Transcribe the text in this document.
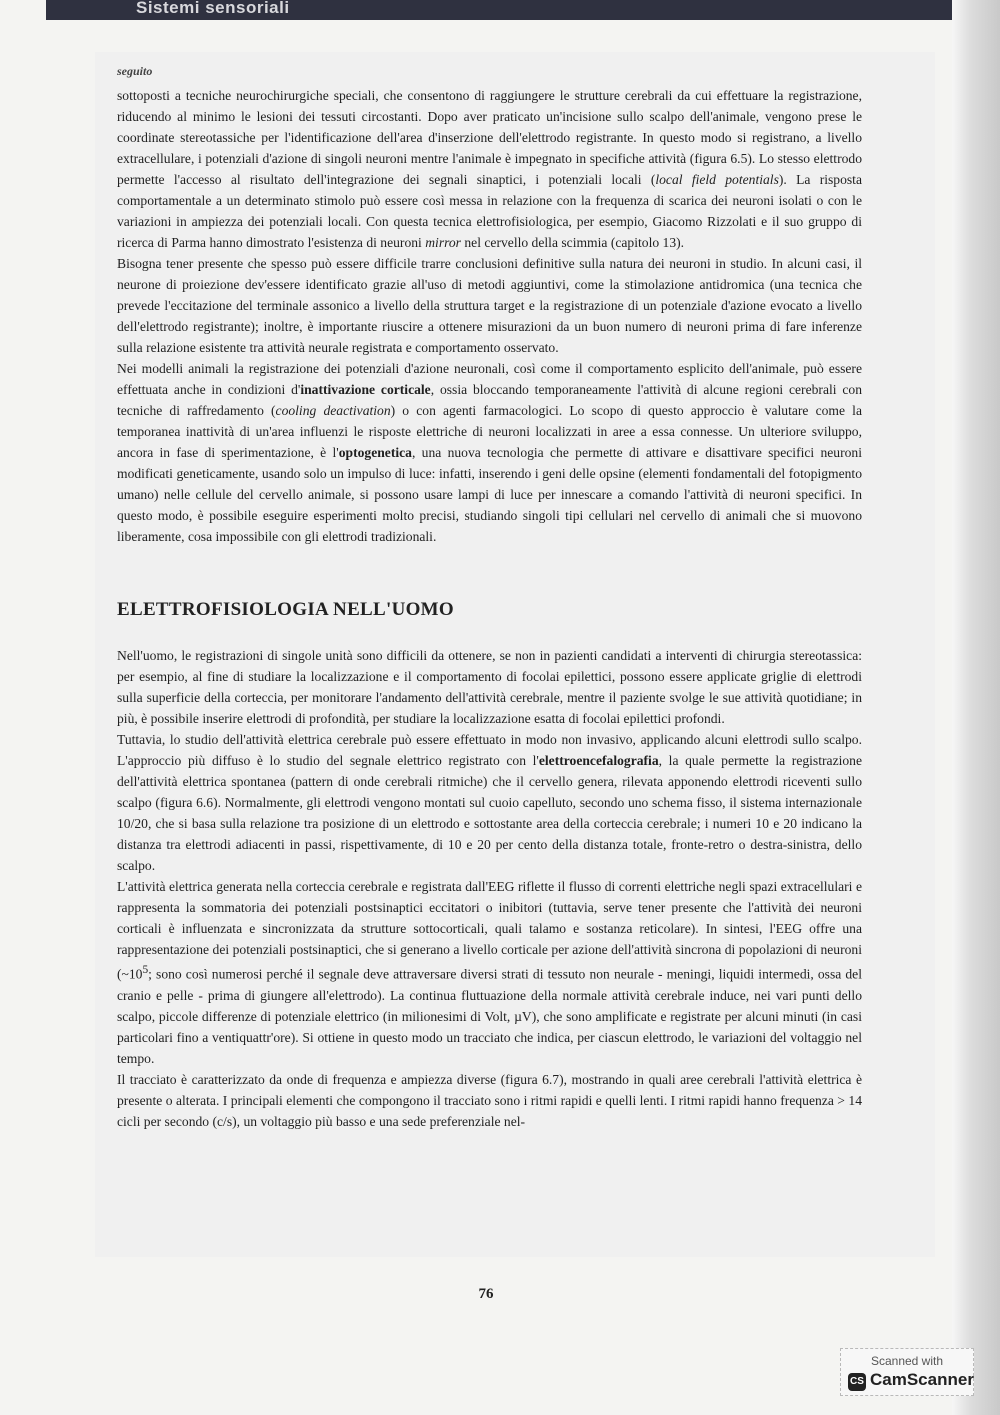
Sistemi sensoriali
seguito

sottoposti a tecniche neurochirurgiche speciali, che consentono di raggiungere le strutture cerebrali da cui effettuare la registrazione, riducendo al minimo le lesioni dei tessuti circostanti. Dopo aver praticato un'incisione sullo scalpo dell'animale, vengono prese le coordinate stereotassiche per l'identificazione dell'area d'inserzione dell'elettrodo registrante. In questo modo si registrano, a livello extracellulare, i potenziali d'azione di singoli neuroni mentre l'animale è impegnato in specifiche attività (figura 6.5). Lo stesso elettrodo permette l'accesso al risultato dell'integrazione dei segnali sinaptici, i potenziali locali (local field potentials). La risposta comportamentale a un determinato stimolo può essere così messa in relazione con la frequenza di scarica dei neuroni isolati o con le variazioni in ampiezza dei potenziali locali. Con questa tecnica elettrofisiologica, per esempio, Giacomo Rizzolati e il suo gruppo di ricerca di Parma hanno dimostrato l'esistenza di neuroni mirror nel cervello della scimmia (capitolo 13).

Bisogna tener presente che spesso può essere difficile trarre conclusioni definitive sulla natura dei neuroni in studio. In alcuni casi, il neurone di proiezione dev'essere identificato grazie all'uso di metodi aggiuntivi, come la stimolazione antidromica (una tecnica che prevede l'eccitazione del terminale assonico a livello della struttura target e la registrazione di un potenziale d'azione evocato a livello dell'elettrodo registrante); inoltre, è importante riuscire a ottenere misurazioni da un buon numero di neuroni prima di fare inferenze sulla relazione esistente tra attività neurale registrata e comportamento osservato.

Nei modelli animali la registrazione dei potenziali d'azione neuronali, così come il comportamento esplicito dell'animale, può essere effettuata anche in condizioni d'inattivazione corticale, ossia bloccando temporaneamente l'attività di alcune regioni cerebrali con tecniche di raffredamento (cooling deactivation) o con agenti farmacologici. Lo scopo di questo approccio è valutare come la temporanea inattività di un'area influenzi le risposte elettriche di neuroni localizzati in aree a essa connesse. Un ulteriore sviluppo, ancora in fase di sperimentazione, è l'optogenetica, una nuova tecnologia che permette di attivare e disattivare specifici neuroni modificati geneticamente, usando solo un impulso di luce: infatti, inserendo i geni delle opsine (elementi fondamentali del fotopigmento umano) nelle cellule del cervello animale, si possono usare lampi di luce per innescare a comando l'attività di neuroni specifici. In questo modo, è possibile eseguire esperimenti molto precisi, studiando singoli tipi cellulari nel cervello di animali che si muovono liberamente, cosa impossibile con gli elettrodi tradizionali.

ELETTROFISIOLOGIA NELL'UOMO

Nell'uomo, le registrazioni di singole unità sono difficili da ottenere, se non in pazienti candidati a interventi di chirurgia stereotassica: per esempio, al fine di studiare la localizzazione e il comportamento di focolai epilettici, possono essere applicate griglie di elettrodi sulla superficie della corteccia, per monitorare l'andamento dell'attività cerebrale, mentre il paziente svolge le sue attività quotidiane; in più, è possibile inserire elettrodi di profondità, per studiare la localizzazione esatta di focolai epilettici profondi.

Tuttavia, lo studio dell'attività elettrica cerebrale può essere effettuato in modo non invasivo, applicando alcuni elettrodi sullo scalpo. L'approccio più diffuso è lo studio del segnale elettrico registrato con l'elettroencefalografia, la quale permette la registrazione dell'attività elettrica spontanea (pattern di onde cerebrali ritmiche) che il cervello genera, rilevata apponendo elettrodi riceventi sullo scalpo (figura 6.6). Normalmente, gli elettrodi vengono montati sul cuoio capelluto, secondo uno schema fisso, il sistema internazionale 10/20, che si basa sulla relazione tra posizione di un elettrodo e sottostante area della corteccia cerebrale; i numeri 10 e 20 indicano la distanza tra elettrodi adiacenti in passi, rispettivamente, di 10 e 20 per cento della distanza totale, fronte-retro o destra-sinistra, dello scalpo.

L'attività elettrica generata nella corteccia cerebrale e registrata dall'EEG riflette il flusso di correnti elettriche negli spazi extracellulari e rappresenta la sommatoria dei potenziali postsinaptici eccitatori o inibitori (tuttavia, serve tener presente che l'attività dei neuroni corticali è influenzata e sincronizzata da strutture sottocorticali, quali talamo e sostanza reticolare). In sintesi, l'EEG offre una rappresentazione dei potenziali postsinaptici, che si generano a livello corticale per azione dell'attività sincrona di popolazioni di neuroni ($\sim 10^5$; sono così numerosi perché il segnale deve attraversare diversi strati di tessuto non neurale - meningi, liquidi intermedi, ossa del cranio e pelle - prima di giungere all'elettrodo). La continua fluttuazione della normale attività cerebrale induce, nei vari punti dello scalpo, piccole differenze di potenziale elettrico (in milionesimi di Volt, µV), che sono amplificate e registrate per alcuni minuti (in casi particolari fino a ventiquattr'ore). Si ottiene in questo modo un tracciato che indica, per ciascun elettrodo, le variazioni del voltaggio nel tempo.

Il tracciato è caratterizzato da onde di frequenza e ampiezza diverse (figura 6.7), mostrando in quali aree cerebrali l'attività elettrica è presente o alterata. I principali elementi che compongono il tracciato sono i ritmi rapidi e quelli lenti. I ritmi rapidi hanno frequenza > 14 cicli per secondo (c/s), un voltaggio più basso e una sede preferenziale nel-

76
Scanned with
CS CamScanner
